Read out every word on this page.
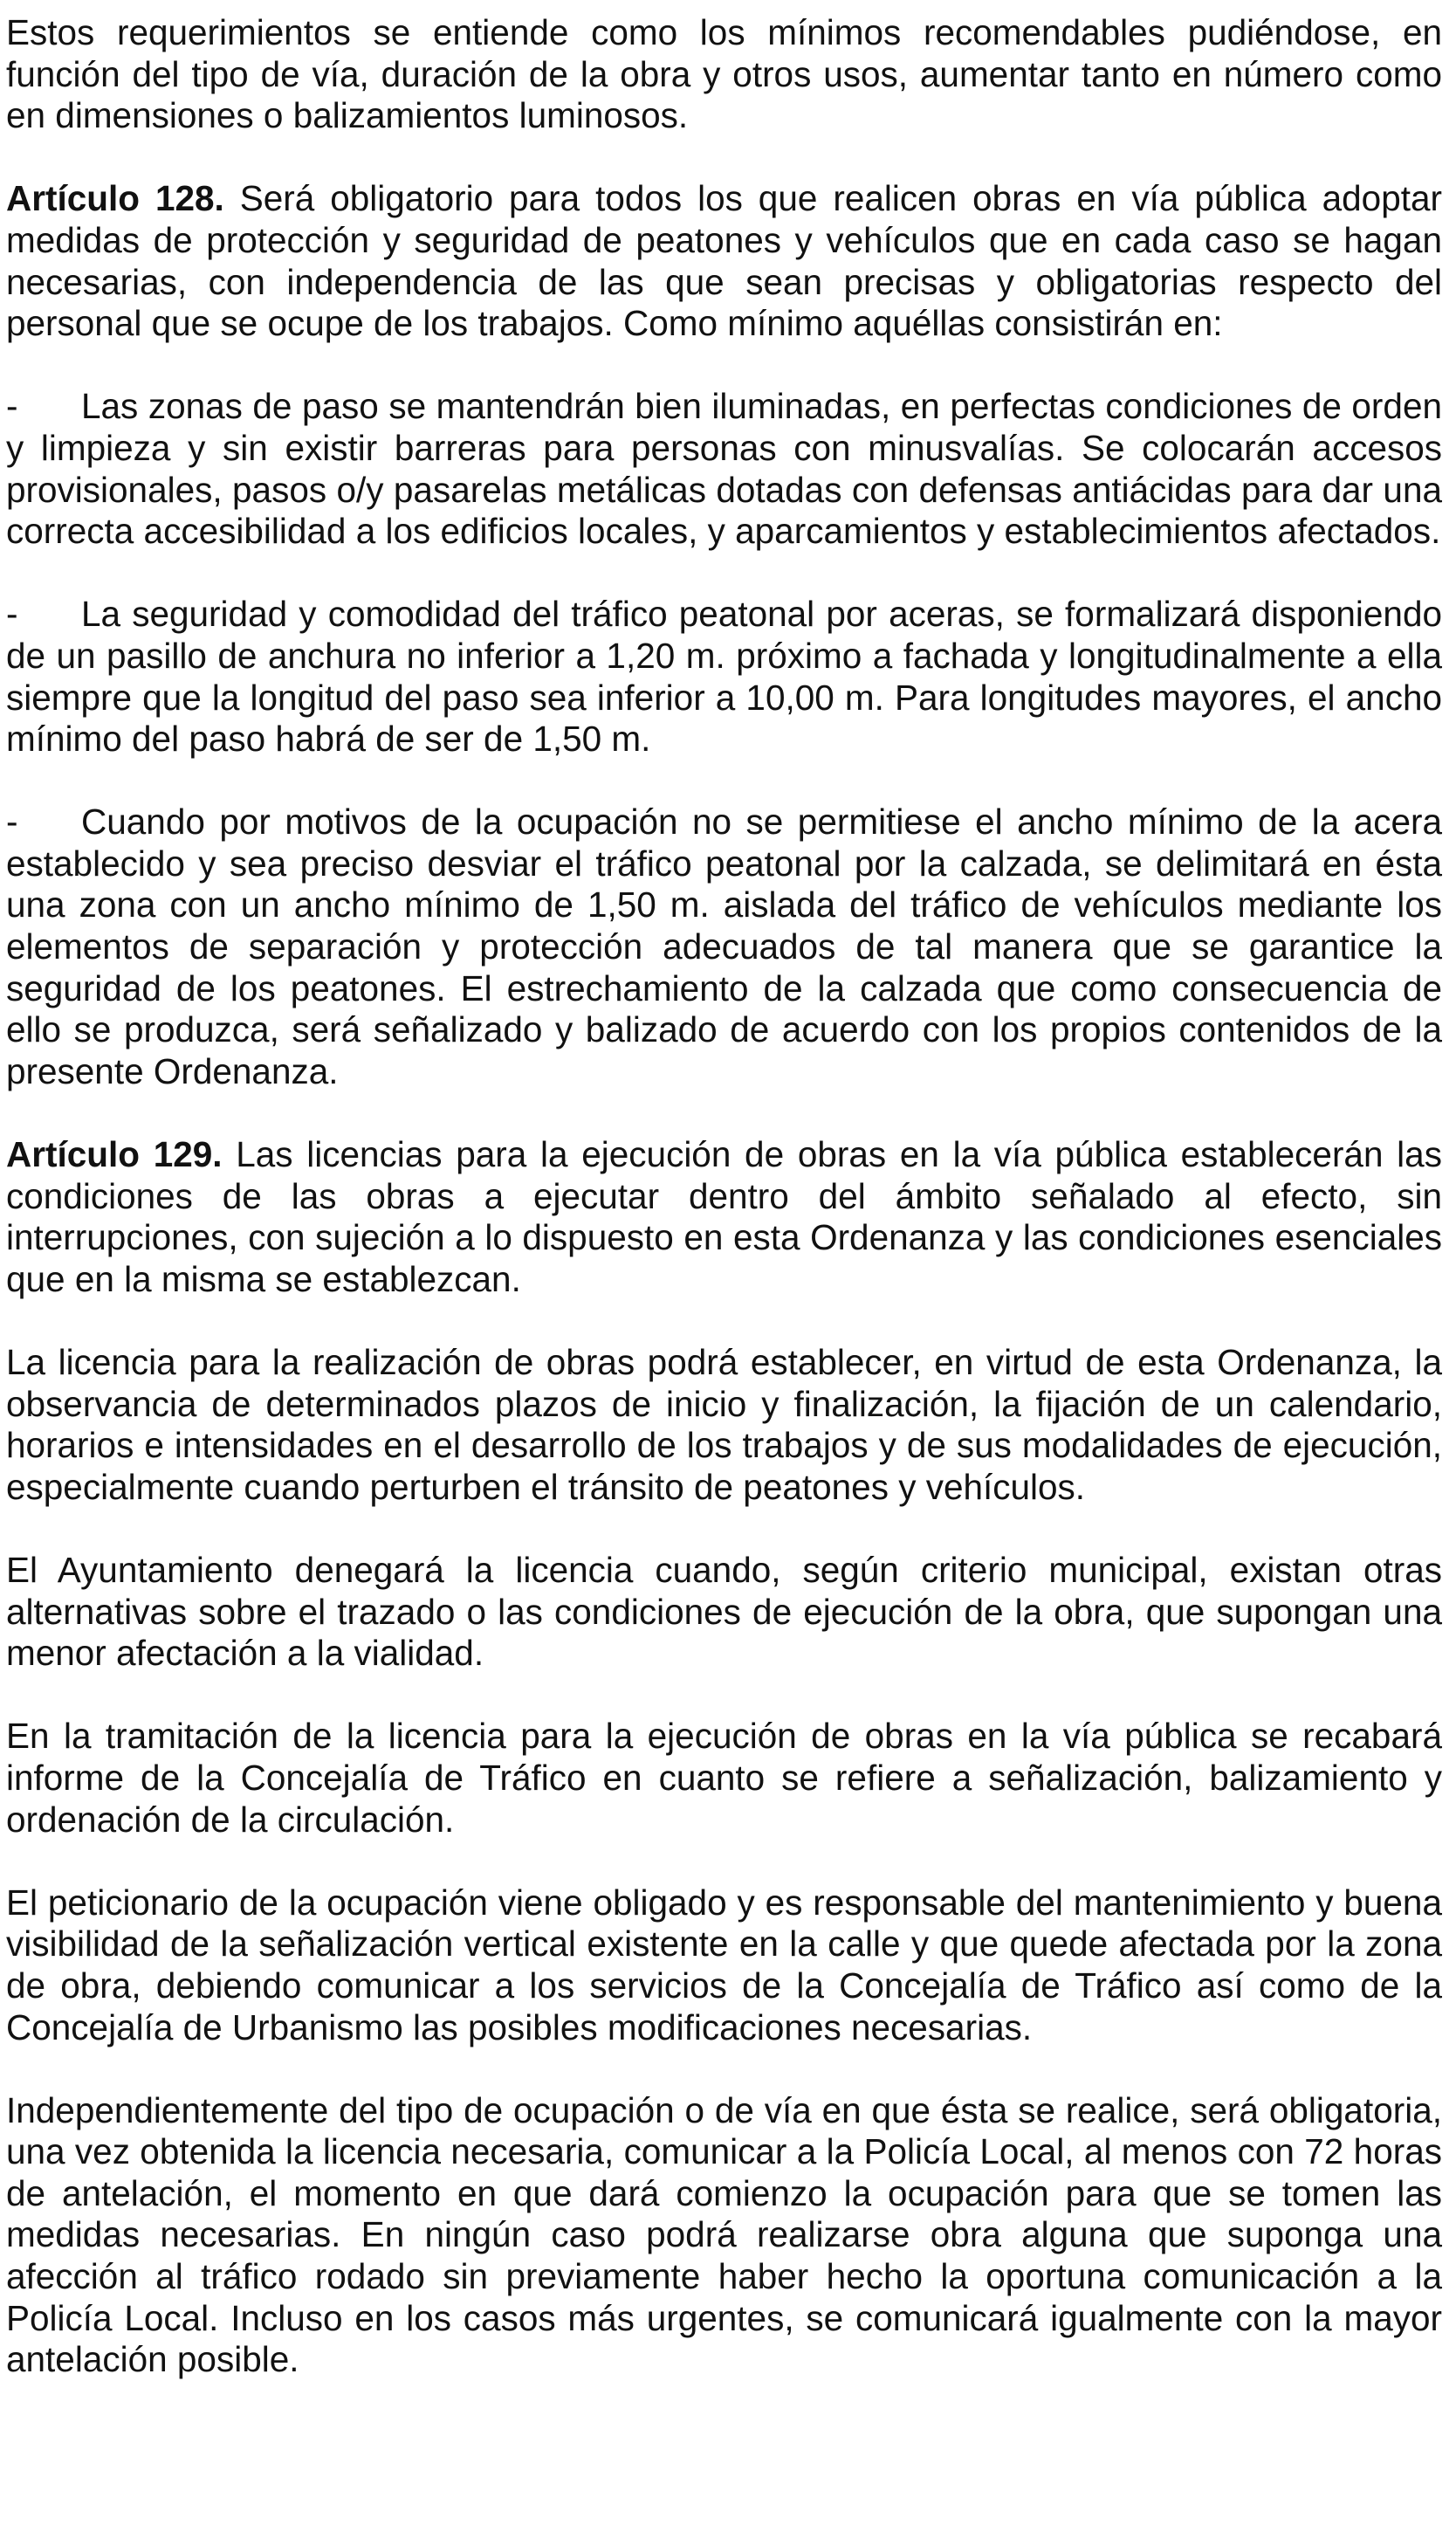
Estos requerimientos se entiende como los mínimos recomendables pudiéndose, en función del tipo de vía, duración de la obra y otros usos, aumentar tanto en número como en dimensiones o balizamientos luminosos.

Artículo 128. Será obligatorio para todos los que realicen obras en vía pública adoptar medidas de protección y seguridad de peatones y vehículos que en cada caso se hagan necesarias, con independencia de las que sean precisas y obligatorias respecto del personal que se ocupe de los trabajos. Como mínimo aquéllas consistirán en:

- Las zonas de paso se mantendrán bien iluminadas, en perfectas condiciones de orden y limpieza y sin existir barreras para personas con minusvalías. Se colocarán accesos provisionales, pasos o/y pasarelas metálicas dotadas con defensas antiácidas para dar una correcta accesibilidad a los edificios locales, y aparcamientos y establecimientos afectados.

- La seguridad y comodidad del tráfico peatonal por aceras, se formalizará disponiendo de un pasillo de anchura no inferior a 1,20 m. próximo a fachada y longitudinalmente a ella siempre que la longitud del paso sea inferior a 10,00 m. Para longitudes mayores, el ancho mínimo del paso habrá de ser de 1,50 m.

- Cuando por motivos de la ocupación no se permitiese el ancho mínimo de la acera establecido y sea preciso desviar el tráfico peatonal por la calzada, se delimitará en ésta una zona con un ancho mínimo de 1,50 m. aislada del tráfico de vehículos mediante los elementos de separación y protección adecuados de tal manera que se garantice la seguridad de los peatones. El estrechamiento de la calzada que como consecuencia de ello se produzca, será señalizado y balizado de acuerdo con los propios contenidos de la presente Ordenanza.

Artículo 129. Las licencias para la ejecución de obras en la vía pública establecerán las condiciones de las obras a ejecutar dentro del ámbito señalado al efecto, sin interrupciones, con sujeción a lo dispuesto en esta Ordenanza y las condiciones esenciales que en la misma se establezcan.

La licencia para la realización de obras podrá establecer, en virtud de esta Ordenanza, la observancia de determinados plazos de inicio y finalización, la fijación de un calendario, horarios e intensidades en el desarrollo de los trabajos y de sus modalidades de ejecución, especialmente cuando perturben el tránsito de peatones y vehículos.

El Ayuntamiento denegará la licencia cuando, según criterio municipal, existan otras alternativas sobre el trazado o las condiciones de ejecución de la obra, que supongan una menor afectación a la vialidad.

En la tramitación de la licencia para la ejecución de obras en la vía pública se recabará informe de la Concejalía de Tráfico en cuanto se refiere a señalización, balizamiento y ordenación de la circulación.

El peticionario de la ocupación viene obligado y es responsable del mantenimiento y buena visibilidad de la señalización vertical existente en la calle y que quede afectada por la zona de obra, debiendo comunicar a los servicios de la Concejalía de Tráfico así como de la Concejalía de Urbanismo las posibles modificaciones necesarias.

Independientemente del tipo de ocupación o de vía en que ésta se realice, será obligatoria, una vez obtenida la licencia necesaria, comunicar a la Policía Local, al menos con 72 horas de antelación, el momento en que dará comienzo la ocupación para que se tomen las medidas necesarias. En ningún caso podrá realizarse obra alguna que suponga una afección al tráfico rodado sin previamente haber hecho la oportuna comunicación a la Policía Local. Incluso en los casos más urgentes, se comunicará igualmente con la mayor antelación posible.
